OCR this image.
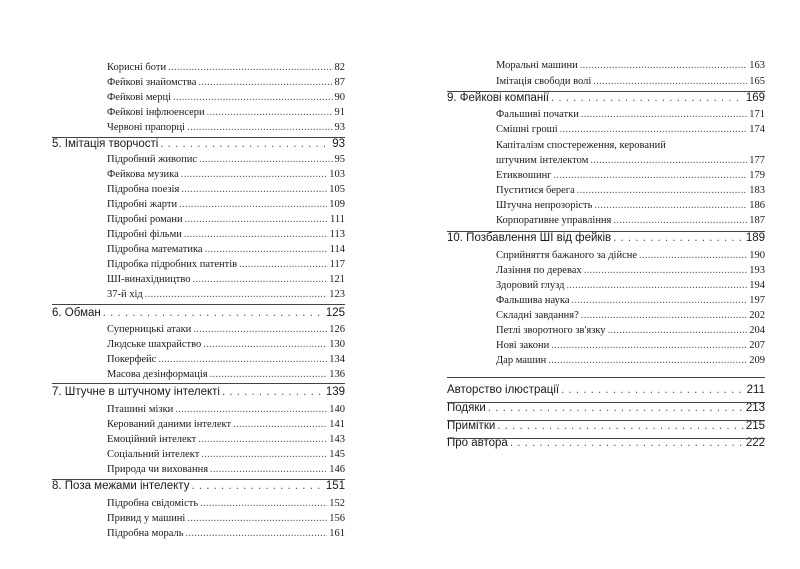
Корисні боти .....	82
Фейкові знайомства .....	87
Фейкові мерці .....	90
Фейкові інфлюенсери .....	91
Червоні прапорці .....	93
5. Імітація творчості . . .	93
Підробний живопис .....	95
Фейкова музика .....	103
Підробна поезія .....	105
Підробні жарти .....	109
Підробні романи .....	111
Підробні фільми .....	113
Підробна математика .....	114
Підробка підробних патентів .....	117
ШІ-винахідництво .....	121
37-й хід .....	123
6. Обман . . .	125
Суперницькі атаки .....	126
Людське шахрайство .....	130
Покерфейс .....	134
Масова дезінформація .....	136
7. Штучне в штучному інтелекті . . .	139
Пташині мізки .....	140
Керований даними інтелект .....	141
Емоційний інтелект .....	143
Соціальний інтелект .....	145
Природа чи виховання .....	146
8. Поза межами інтелекту . . .	151
Підробна свідомість .....	152
Привид у машині .....	156
Підробна мораль .....	161
Моральні машини .....	163
Імітація свободи волі .....	165
9. Фейкові компанії . . .	169
Фальшиві початки .....	171
Смішні гроші .....	174
Капіталізм спостереження, керований
штучним інтелектом .....	177
Етиквошинг .....	179
Пуститися берега .....	183
Штучна непрозорість .....	186
Корпоративне управління .....	187
10. Позбавлення ШІ від фейків . . .	189
Сприйняття бажаного за дійсне .....	190
Лазіння по деревах .....	193
Здоровий глузд .....	194
Фальшива наука .....	197
Складні завдання? .....	202
Петлі зворотного зв'язку .....	204
Нові закони .....	207
Дар машин .....	209
Авторство ілюстрації . . .	211
Подяки . . .	213
Примітки . . .	215
Про автора . . .	222
